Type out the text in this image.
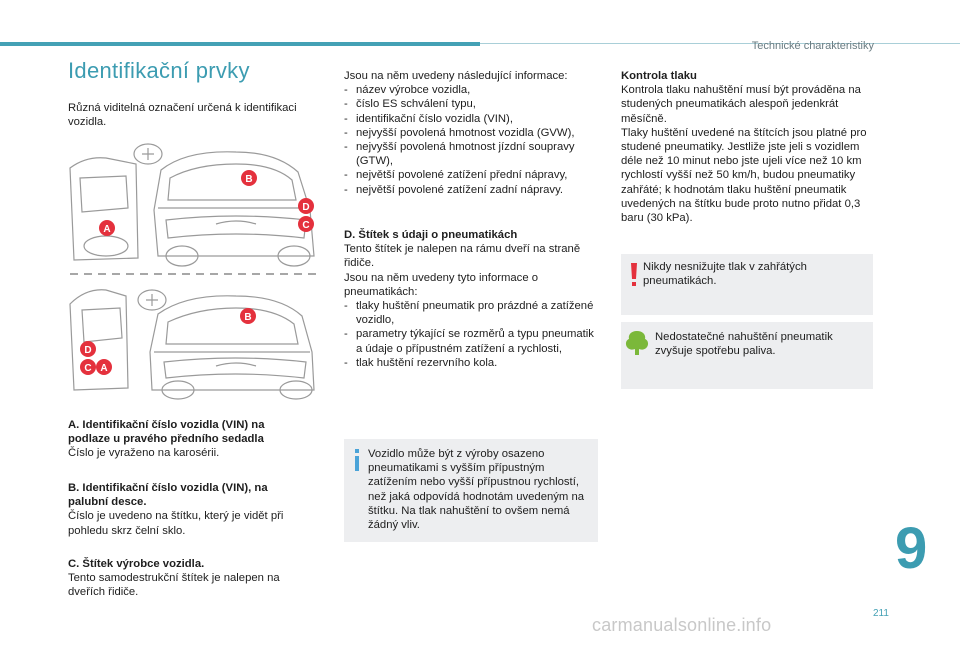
Technické charakteristiky
Identifikační prvky

Různá viditelná označení určená k identifikaci vozidla.

B
D
C
A
B
D
C A

A. Identifikační číslo vozidla (VIN) na podlaze u pravého předního sedadla

Číslo je vyraženo na karosérii.

B. Identifikační číslo vozidla (VIN), na palubní desce.

Číslo je uvedeno na štítku, který je vidět při pohledu skrz čelní sklo.

C. Štítek výrobce vozidla.

Tento samodestrukční štítek je nalepen na dveřích řidiče.

Jsou na něm uvedeny následující informace:

- název výrobce vozidla,
- číslo ES schválení typu,
- identifikační číslo vozidla (VIN),
- nejvyšší povolená hmotnost vozidla (GVW),
- nejvyšší povolená hmotnost jízdní soupravy (GTW),
- největší povolené zatížení přední nápravy,
- největší povolené zatížení zadní nápravy.

D. Štítek s údaji o pneumatikách

Tento štítek je nalepen na rámu dveří na straně řidiče.

Jsou na něm uvedeny tyto informace o pneumatikách:

- tlaky huštění pneumatik pro prázdné a zatížené vozidlo,
- parametry týkající se rozměrů a typu pneumatik a údaje o přípustném zatížení a rychlosti,
- tlak huštění rezervního kola.

Vozidlo může být z výroby osazeno pneumatikami s vyšším přípustným zatížením nebo vyšší přípustnou rychlostí, než jaká odpovídá hodnotám uvedeným na štítku. Na tlak nahuštění to ovšem nemá žádný vliv.

Kontrola tlaku

Kontrola tlaku nahuštění musí být prováděna na studených pneumatikách alespoň jedenkrát měsíčně.

Tlaky huštění uvedené na štítcích jsou platné pro studené pneumatiky. Jestliže jste jeli s vozidlem déle než 10 minut nebo jste ujeli více než 10 km rychlostí vyšší než 50 km/h, budou pneumatiky zahřáté; k hodnotám tlaku huštění pneumatik uvedených na štítku bude proto nutno přidat 0,3 baru (30 kPa).

Nikdy nesnižujte tlak v zahřátých pneumatikách.

Nedostatečné nahuštění pneumatik zvyšuje spotřebu paliva.

9
211
carmanualsonline.info
